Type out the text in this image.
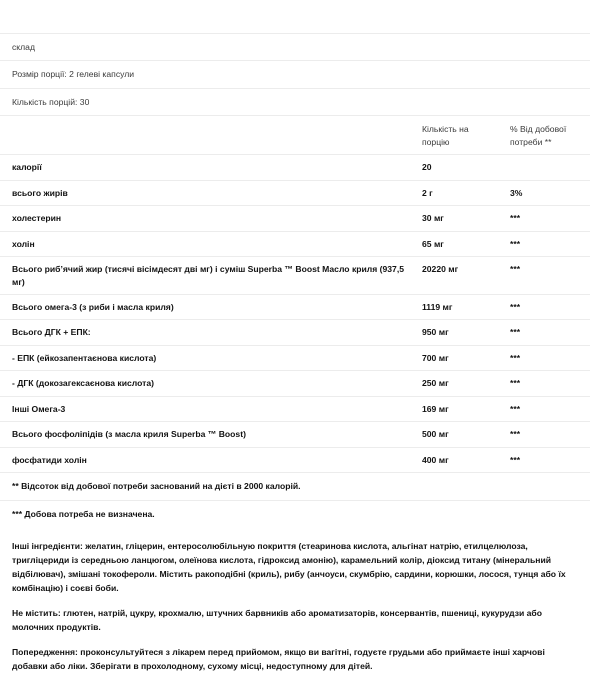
склад		
Розмір порції: 2 гелеві капсули		
Кількість порцій: 30		
	Кількість на порцію	% Від добової потреби **
калорії	20	
всього жирів	2 г	3%
холестерин	30 мг	***
холін	65 мг	***
Всього риб’ячий жир (тисячі вісімдесят дві мг) і суміш Superba ™ Boost Масло криля (937,5 мг)	20220 мг	***
Всього омега-3 (з риби і масла криля)	1119 мг	***
Всього ДГК + ЕПК:	950 мг	***
- ЕПК (ейкозапентаєнова кислота)	700 мг	***
- ДГК (докозагексаєнова кислота)	250 мг	***
Інші Омега-3	169 мг	***
Всього фосфоліпідів (з масла криля Superba ™ Boost)	500 мг	***
фосфатиди холін	400 мг	***
** Відсоток від добової потреби заснований на дієті в 2000 калорій.		
*** Добова потреба не визначена.		

Інші інгредієнти: желатин, гліцерин, ентеросолюбільную покриття (стеаринова кислота, альгінат натрію, етилцелюлоза, тригліцериди із середньою ланцюгом, олеїнова кислота, гідроксид амонію), карамельний колір, діоксид титану (мінеральний відбілювач), змішані токофероли. Містить ракоподібні (криль), рибу (анчоуси, скумбрію, сардини, корюшки, лосося, тунця або їх комбінацію) і соєві боби.

Не містить: глютен, натрій, цукру, крохмалю, штучних барвників або ароматизаторів, консервантів, пшениці, кукурудзи або молочних продуктів.

Попередження: проконсультуйтеся з лікарем перед прийомом, якщо ви вагітні, годуєте грудьми або приймаєте інші харчові добавки або ліки. Зберігати в прохолодному, сухому місці, недоступному для дітей.
